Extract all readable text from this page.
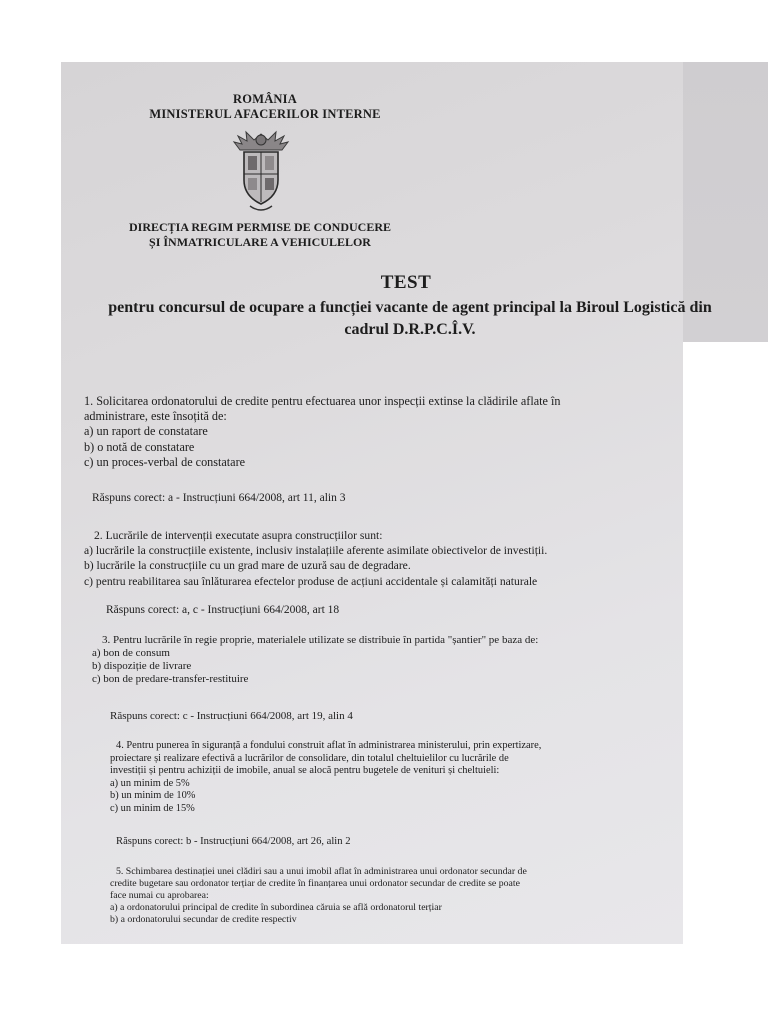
ROMÂNIA
MINISTERUL AFACERILOR INTERNE
DIRECȚIA REGIM PERMISE DE CONDUCERE
ȘI ÎNMATRICULARE A VEHICULELOR
TEST
pentru concursul de ocupare a funcției vacante de agent principal la Biroul Logistică din
cadrul D.R.P.C.Î.V.
1. Solicitarea ordonatorului de credite pentru efectuarea unor inspecții extinse la clădirile aflate în
administrare, este însoțită de:
a) un raport de constatare
b) o notă de constatare
c) un proces-verbal de constatare
Răspuns corect: a - Instrucțiuni 664/2008, art 11, alin 3
2. Lucrările de intervenții executate asupra construcțiilor sunt:
a) lucrările la construcțiile existente, inclusiv instalațiile aferente asimilate obiectivelor de investiții.
b) lucrările la construcțiile cu un grad mare de uzură sau de degradare.
c) pentru reabilitarea sau înlăturarea efectelor produse de acțiuni accidentale și calamități naturale
Răspuns corect: a, c - Instrucțiuni 664/2008, art 18
3. Pentru lucrările în regie proprie, materialele utilizate se distribuie în partida "șantier" pe baza de:
a) bon de consum
b) dispoziție de livrare
c) bon de predare-transfer-restituire
Răspuns corect: c - Instrucțiuni 664/2008, art 19, alin 4
4. Pentru punerea în siguranță a fondului construit aflat în administrarea ministerului, prin expertizare,
proiectare și realizare efectivă a lucrărilor de consolidare, din totalul cheltuielilor cu lucrările de
investiții și pentru achiziții de imobile, anual se alocă pentru bugetele de venituri și cheltuieli:
a) un minim de 5%
b) un minim de 10%
c) un minim de 15%
Răspuns corect: b - Instrucțiuni 664/2008, art 26, alin 2
5. Schimbarea destinației unei clădiri sau a unui imobil aflat în administrarea unui ordonator secundar de
credite bugetare sau ordonator terțiar de credite în finanțarea unui ordonator secundar de credite se poate
face numai cu aprobarea:
a) a ordonatorului principal de credite în subordinea căruia se află ordonatorul terțiar
b) a ordonatorului secundar de credite respectiv
